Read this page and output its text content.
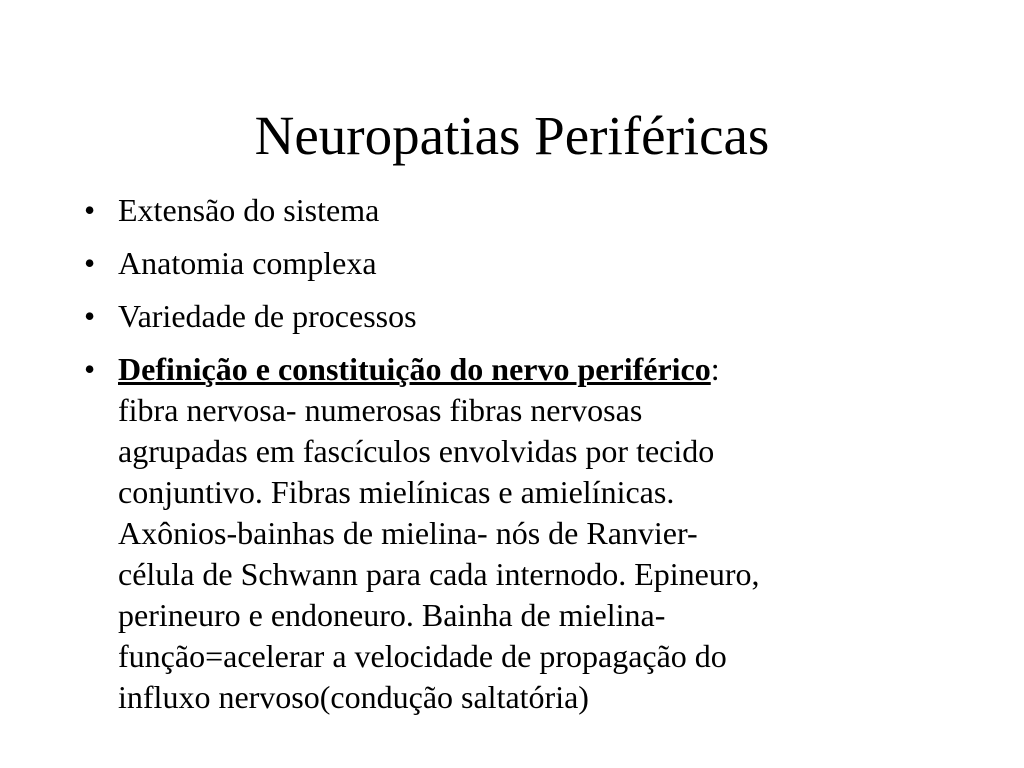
Neuropatias Periféricas
• Extensão do sistema
• Anatomia complexa
• Variedade de processos
• Definição e constituição do nervo periférico:
fibra nervosa- numerosas fibras nervosas
agrupadas em fascículos envolvidas por tecido
conjuntivo. Fibras mielínicas e amielínicas.
Axônios-bainhas de mielina- nós de Ranvier-
célula de Schwann para cada internodo. Epineuro,
perineuro e endoneuro. Bainha de mielina-
função=acelerar a velocidade de propagação do
influxo nervoso(condução saltatória)
